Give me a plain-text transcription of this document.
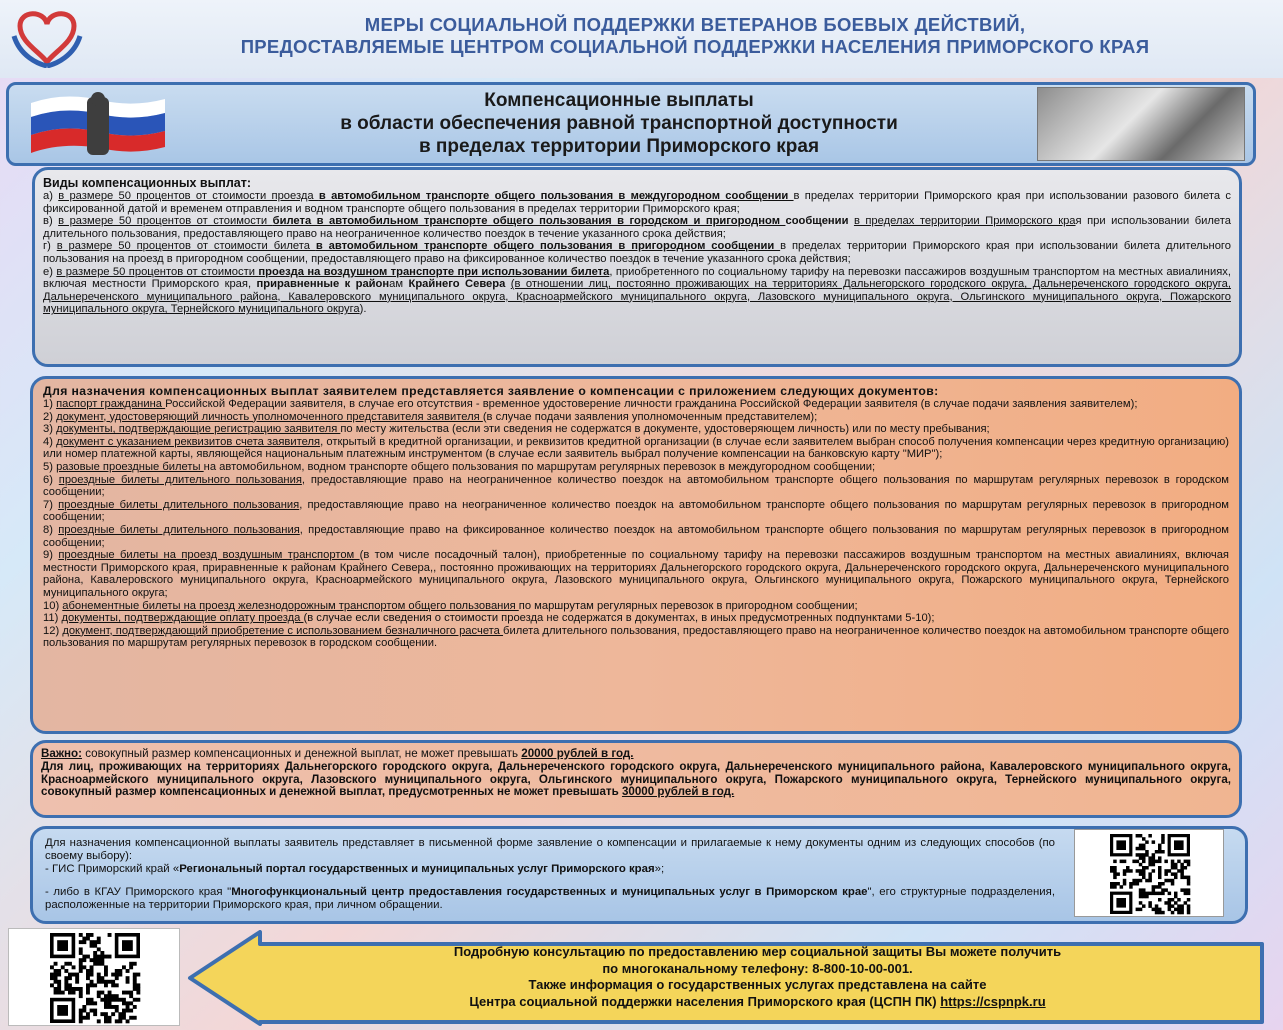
МЕРЫ СОЦИАЛЬНОЙ ПОДДЕРЖКИ ВЕТЕРАНОВ БОЕВЫХ ДЕЙСТВИЙ,
ПРЕДОСТАВЛЯЕМЫЕ ЦЕНТРОМ СОЦИАЛЬНОЙ ПОДДЕРЖКИ НАСЕЛЕНИЯ ПРИМОРСКОГО КРАЯ
Компенсационные выплаты
в области обеспечения равной транспортной доступности
в пределах территории Приморского края

Виды компенсационных выплат:

а) в размере 50 процентов от стоимости проезда в автомобильном транспорте общего пользования в междугородном сообщении в пределах территории Приморского края при использовании разового билета с фиксированной датой и временем отправления и водном транспорте общего пользования в пределах территории Приморского края;

в) в размере 50 процентов от стоимости билета в автомобильном транспорте общего пользования в городском и пригородном сообщении в пределах территории Приморского края при использовании билета длительного пользования, предоставляющего право на неограниченное количество поездок в течение указанного срока действия;

г) в размере 50 процентов от стоимости билета в автомобильном транспорте общего пользования в пригородном сообщении в пределах территории Приморского края при использовании билета длительного пользования на проезд в пригородном сообщении, предоставляющего право на фиксированное количество поездок в течение указанного срока действия;

е) в размере 50 процентов от стоимости проезда на воздушном транспорте при использовании билета, приобретенного по социальному тарифу на перевозки пассажиров воздушным транспортом на местных авиалиниях, включая местности Приморского края, приравненные к районам Крайнего Севера (в отношении лиц, постоянно проживающих на территориях Дальнегорского городского округа, Дальнереченского городского округа, Дальнереченского муниципального района, Кавалеровского муниципального округа, Красноармейского муниципального округа, Лазовского муниципального округа, Ольгинского муниципального округа, Пожарского муниципального округа, Тернейского муниципального округа).

Для назначения компенсационных выплат заявителем представляется заявление о компенсации с приложением следующих документов:

1) паспорт гражданина Российской Федерации заявителя, в случае его отсутствия - временное удостоверение личности гражданина Российской Федерации заявителя (в случае подачи заявления заявителем);

2) документ, удостоверяющий личность уполномоченного представителя заявителя (в случае подачи заявления уполномоченным представителем);

3) документы, подтверждающие регистрацию заявителя по месту жительства (если эти сведения не содержатся в документе, удостоверяющем личность) или по месту пребывания;

4) документ с указанием реквизитов счета заявителя, открытый в кредитной организации, и реквизитов кредитной организации (в случае если заявителем выбран способ получения компенсации через кредитную организацию) или номер платежной карты, являющейся национальным платежным инструментом (в случае если заявитель выбрал получение компенсации на банковскую карту "МИР");

5) разовые проездные билеты на автомобильном, водном транспорте общего пользования по маршрутам регулярных перевозок в междугородном сообщении;

6) проездные билеты длительного пользования, предоставляющие право на неограниченное количество поездок на автомобильном транспорте общего пользования по маршрутам регулярных перевозок в городском сообщении;

7) проездные билеты длительного пользования, предоставляющие право на неограниченное количество поездок на автомобильном транспорте общего пользования по маршрутам регулярных перевозок в пригородном сообщении;

8) проездные билеты длительного пользования, предоставляющие право на фиксированное количество поездок на автомобильном транспорте общего пользования по маршрутам регулярных перевозок в пригородном сообщении;

9) проездные билеты на проезд воздушным транспортом (в том числе посадочный талон), приобретенные по социальному тарифу на перевозки пассажиров воздушным транспортом на местных авиалиниях, включая местности Приморского края, приравненные к районам Крайнего Севера,, постоянно проживающих на территориях Дальнегорского городского округа, Дальнереченского городского округа, Дальнереченского муниципального района, Кавалеровского муниципального округа, Красноармейского муниципального округа, Лазовского муниципального округа, Ольгинского муниципального округа, Пожарского муниципального округа, Тернейского муниципального округа;

10) абонементные билеты на проезд железнодорожным транспортом общего пользования по маршрутам регулярных перевозок в пригородном сообщении;

11) документы, подтверждающие оплату проезда (в случае если сведения о стоимости проезда не содержатся в документах, в иных предусмотренных подпунктами 5-10);

12) документ, подтверждающий приобретение с использованием безналичного расчета билета длительного пользования, предоставляющего право на неограниченное количество поездок на автомобильном транспорте общего пользования по маршрутам регулярных перевозок в городском сообщении.

Важно: совокупный размер компенсационных и денежной выплат, не может превышать 20000 рублей в год.

Для лиц, проживающих на территориях Дальнегорского городского округа, Дальнереченского городского округа, Дальнереченского муниципального района, Кавалеровского муниципального округа, Красноармейского муниципального округа, Лазовского муниципального округа, Ольгинского муниципального округа, Пожарского муниципального округа, Тернейского муниципального округа, совокупный размер компенсационных и денежной выплат, предусмотренных не может превышать 30000 рублей в год.

Для назначения компенсационной выплаты заявитель представляет в письменной форме заявление о компенсации и прилагаемые к нему документы одним из следующих способов (по своему выбору):

- ГИС Приморский край «Региональный портал государственных и муниципальных услуг Приморского края»;

- либо в КГАУ Приморского края "Многофункциональный центр предоставления государственных и муниципальных услуг в Приморском крае", его структурные подразделения, расположенные на территории Приморского края, при личном обращении.

Подробную консультацию по предоставлению мер социальной защиты Вы можете получить
по многоканальному телефону: 8-800-10-00-001.
Также информация о государственных услугах представлена на сайте
Центра социальной поддержки населения Приморского края (ЦСПН ПК) https://cspnpk.ru
